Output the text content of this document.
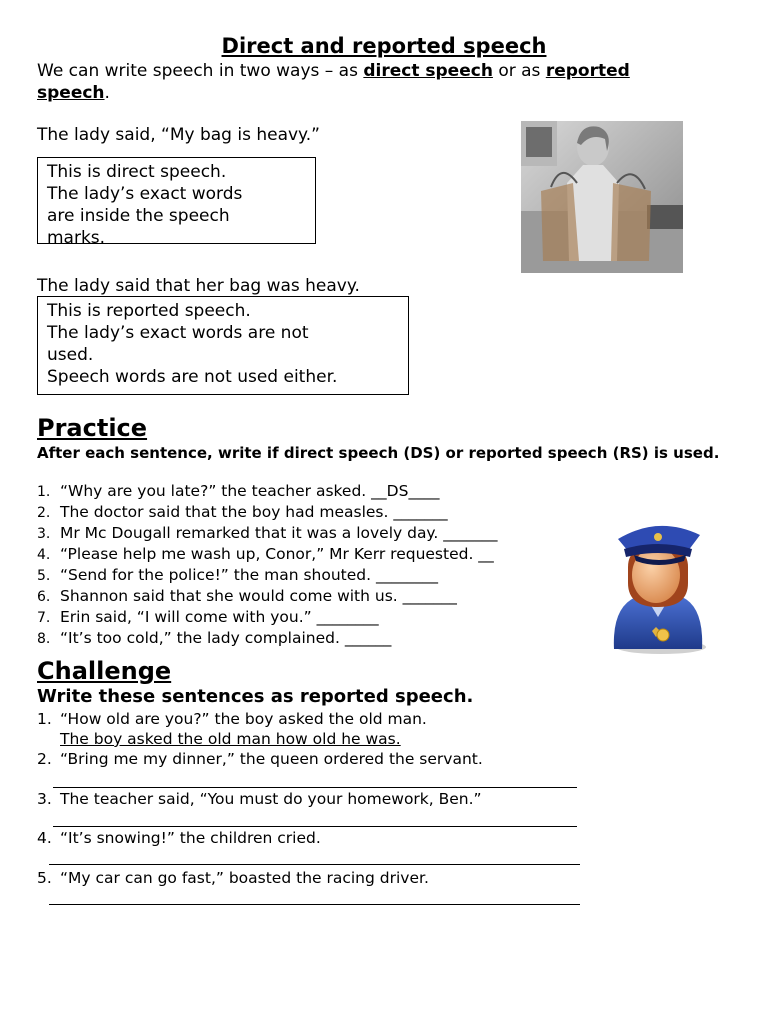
Direct and reported speech
We can write speech in two ways – as direct speech or as reported
speech.
The lady said, “My bag is heavy.”
This is direct speech.
The lady’s exact words
are inside the speech
marks.
The lady said that her bag was heavy.
This is reported speech.
The lady’s exact words are not
used.
Speech words are not used either.
Practice
After each sentence, write if direct speech (DS) or reported speech (RS) is used.
1. “Why are you late?” the teacher asked. __DS____
2. The doctor said that the boy had measles. _______
3. Mr Mc Dougall remarked that it was a lovely day. _______
4. “Please help me wash up, Conor,” Mr Kerr requested. __
5. “Send for the police!” the man shouted. ________
6. Shannon said that she would come with us. _______
7. Erin said, “I will come with you.” ________
8. “It’s too cold,” the lady complained. ______
Challenge
Write these sentences as reported speech.
1. “How old are you?” the boy asked the old man.
The boy asked the old man how old he was.
2. “Bring me my dinner,” the queen ordered the servant.
3. The teacher said, “You must do your homework, Ben.”
4. “It’s snowing!” the children cried.
5. “My car can go fast,” boasted the racing driver.
